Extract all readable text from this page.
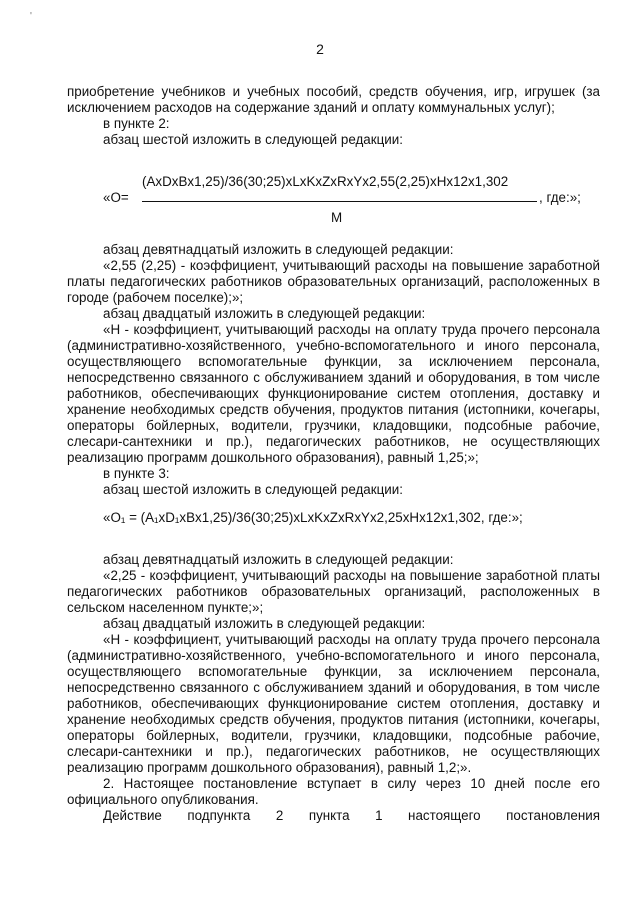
'
2

приобретение учебников и учебных пособий, средств обучения, игр, игрушек (за исключением расходов на содержание зданий и оплату коммунальных услуг);

в пункте 2:

абзац шестой изложить в следующей редакции:

«О=
(AxDxBx1,25)/36(30;25)xLxKxZxRxYx2,55(2,25)xHx12x1,302
M
, где:»;

абзац девятнадцатый изложить в следующей редакции:

«2,55 (2,25) - коэффициент, учитывающий расходы на повышение заработной платы педагогических работников образовательных организаций, расположенных в городе (рабочем поселке);»;

абзац двадцатый изложить в следующей редакции:

«Н - коэффициент, учитывающий расходы на оплату труда прочего персонала (административно-хозяйственного, учебно-вспомогательного и иного персонала, осуществляющего вспомогательные функции, за исключением персонала, непосредственно связанного с обслуживанием зданий и оборудования, в том числе работников, обеспечивающих функционирование систем отопления, доставку и хранение необходимых средств обучения, продуктов питания (истопники, кочегары, операторы бойлерных, водители, грузчики, кладовщики, подсобные рабочие, слесари-сантехники и пр.), педагогических работников, не осуществляющих реализацию программ дошкольного образования), равный 1,25;»;

в пункте 3:

абзац шестой изложить в следующей редакции:

«О₁ = (A₁xD₁xBx1,25)/36(30;25)xLxKxZxRxYx2,25xHx12x1,302, где:»;

абзац девятнадцатый изложить в следующей редакции:

«2,25 - коэффициент, учитывающий расходы на повышение заработной платы педагогических работников образовательных организаций, расположенных в сельском населенном пункте;»;

абзац двадцатый изложить в следующей редакции:

«Н - коэффициент, учитывающий расходы на оплату труда прочего персонала (административно-хозяйственного, учебно-вспомогательного и иного персонала, осуществляющего вспомогательные функции, за исключением персонала, непосредственно связанного с обслуживанием зданий и оборудования, в том числе работников, обеспечивающих функционирование систем отопления, доставку и хранение необходимых средств обучения, продуктов питания (истопники, кочегары, операторы бойлерных, водители, грузчики, кладовщики, подсобные рабочие, слесари-сантехники и пр.), педагогических работников, не осуществляющих реализацию программ дошкольного образования), равный 1,2;».

2. Настоящее постановление вступает в силу через 10 дней после его официального опубликования.

Действие подпункта 2 пункта 1 настоящего постановления
